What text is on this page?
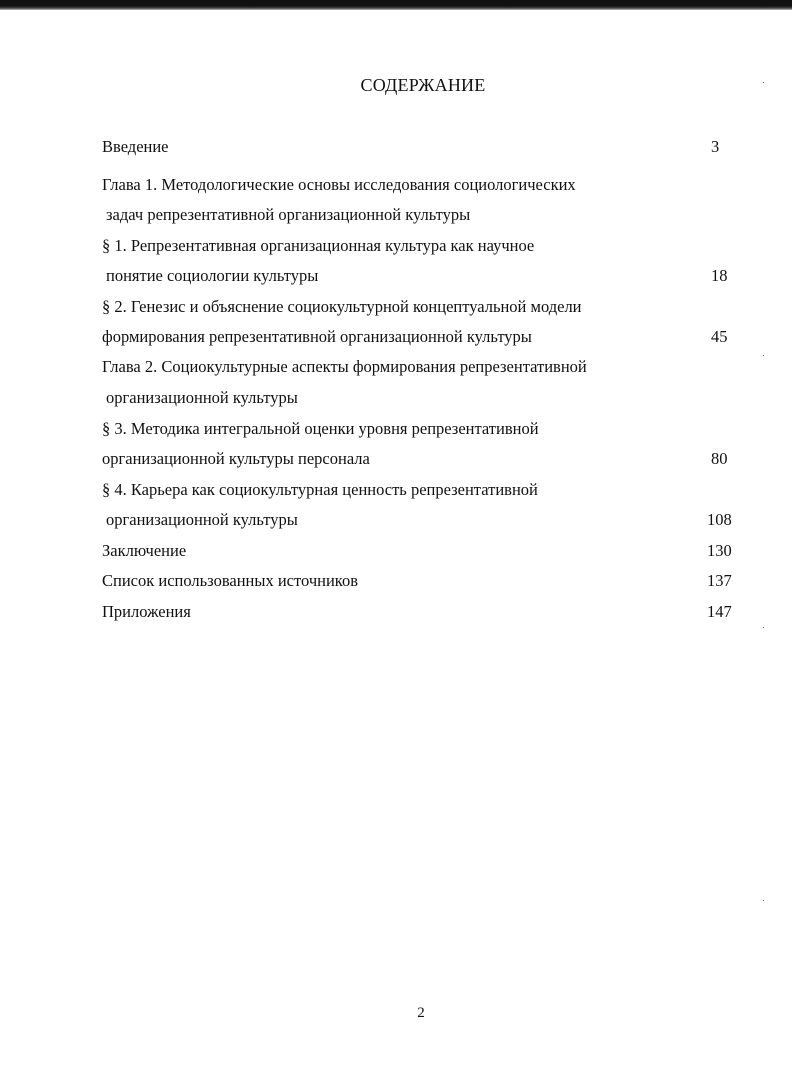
СОДЕРЖАНИЕ
Введение	3
Глава 1. Методологические основы исследования социологических
задач репрезентативной организационной культуры
§ 1. Репрезентативная организационная культура как научное
понятие социологии культуры	18
§ 2. Генезис и объяснение социокультурной концептуальной модели
формирования репрезентативной организационной культуры	45
Глава 2. Социокультурные аспекты формирования репрезентативной
организационной культуры
§ 3. Методика интегральной оценки уровня репрезентативной
организационной культуры персонала	80
§ 4. Карьера как социокультурная ценность репрезентативной
организационной культуры	108
Заключение	130
Список использованных источников	137
Приложения	147
2
